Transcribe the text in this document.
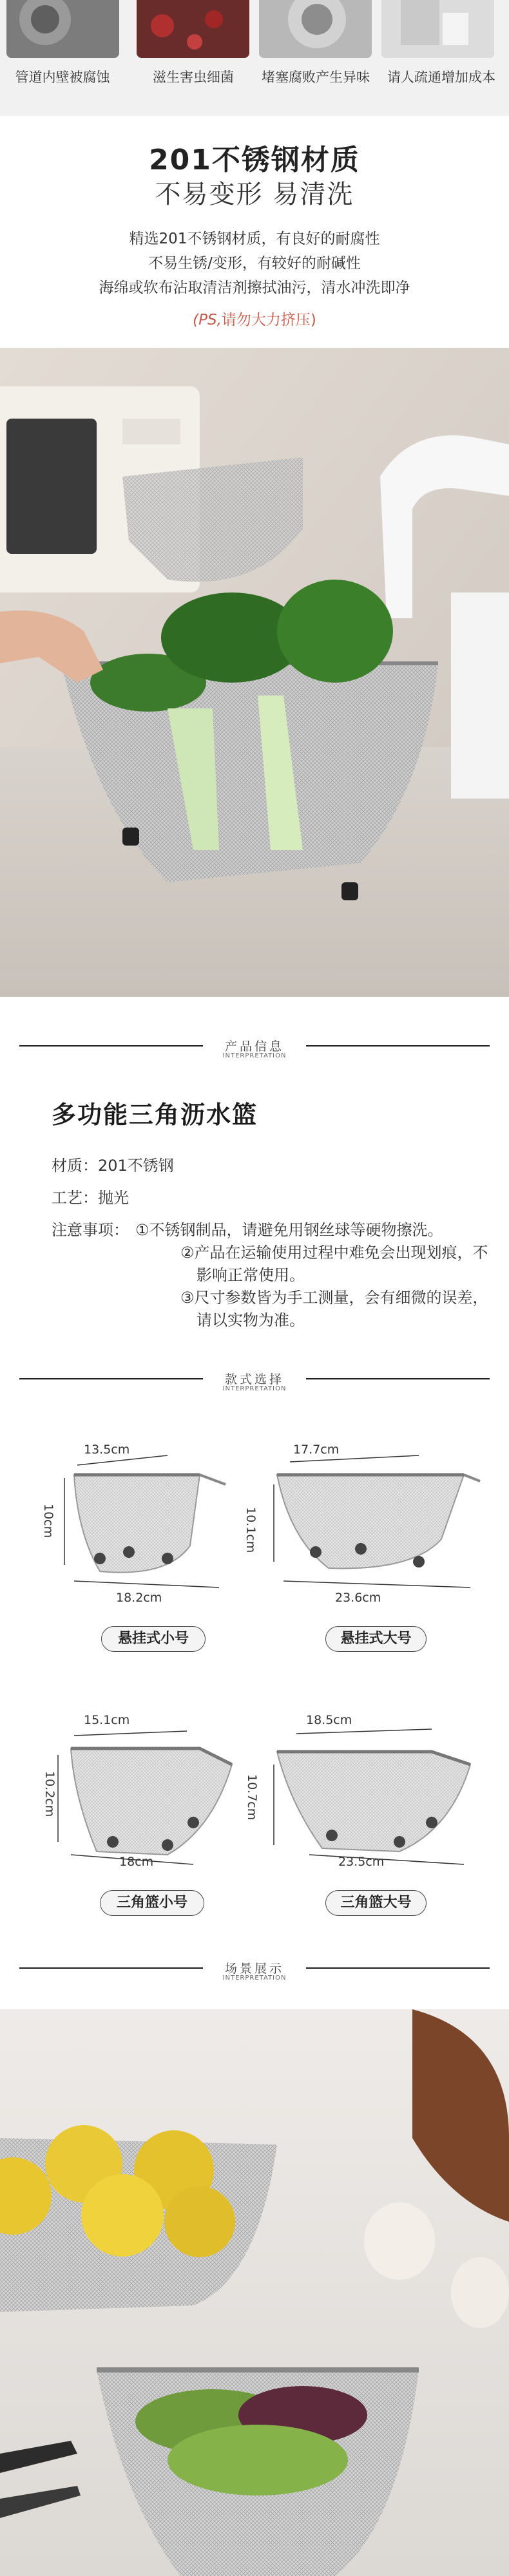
管道内壁被腐蚀	滋生害虫细菌	堵塞腐败产生异味	请人疏通增加成本
201不锈钢材质
不易变形 易清洗
精选201不锈钢材质，有良好的耐腐性
不易生锈/变形，有较好的耐碱性
海绵或软布沾取清洁剂擦拭油污，清水冲洗即净
(PS,请勿大力挤压)
产品信息
INTERPRETATION
多功能三角沥水篮
材质：201不锈钢
工艺：抛光
注意事项： ①不锈钢制品，请避免用钢丝球等硬物擦洗。
②产品在运输使用过程中难免会出现划痕，不
影响正常使用。
③尺寸参数皆为手工测量，会有细微的误差，
请以实物为准。
款式选择
INTERPRETATION
13.5cm
10cm
18.2cm
悬挂式小号
17.7cm
10.1cm
23.6cm
悬挂式大号
15.1cm
10.2cm
18cm
三角篮小号
18.5cm
10.7cm
23.5cm
三角篮大号
场景展示
INTERPRETATION
